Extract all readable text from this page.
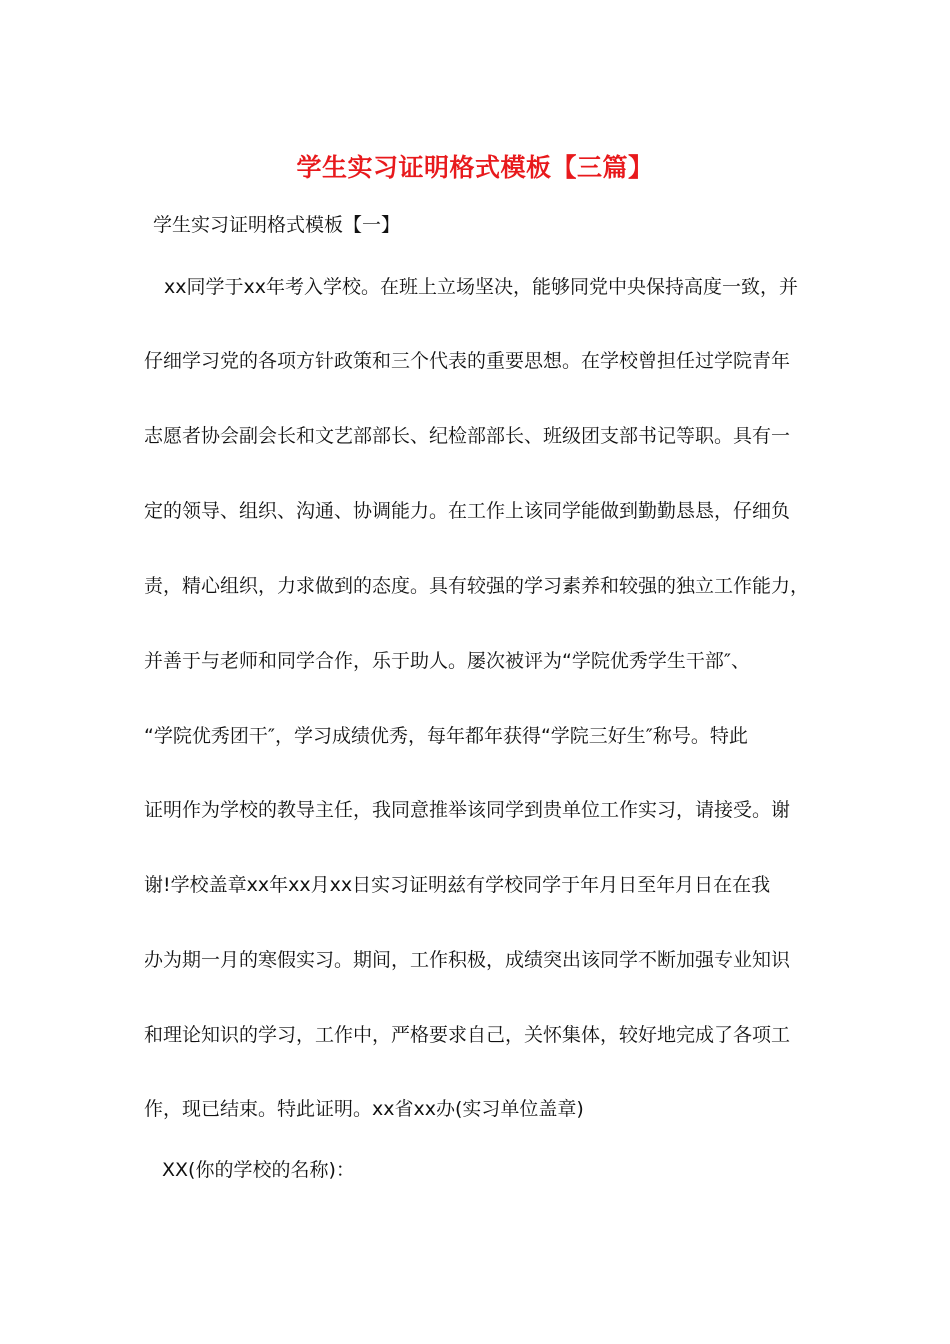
学生实习证明格式模板【三篇】
学生实习证明格式模板【一】
xx同学于xx年考入学校。在班上立场坚决，能够同党中央保持高度一致，并
仔细学习党的各项方针政策和三个代表的重要思想。在学校曾担任过学院青年
志愿者协会副会长和文艺部部长、纪检部部长、班级团支部书记等职。具有一
定的领导、组织、沟通、协调能力。在工作上该同学能做到勤勤恳恳，仔细负
责，精心组织，力求做到的态度。具有较强的学习素养和较强的独立工作能力，
并善于与老师和同学合作，乐于助人。屡次被评为“学院优秀学生干部″、
“学院优秀团干″，学习成绩优秀，每年都年获得“学院三好生″称号。特此
证明作为学校的教导主任，我同意推举该同学到贵单位工作实习，请接受。谢
谢!学校盖章xx年xx月xx日实习证明兹有学校同学于年月日至年月日在在我
办为期一月的寒假实习。期间，工作积极，成绩突出该同学不断加强专业知识
和理论知识的学习，工作中，严格要求自己，关怀集体，较好地完成了各项工
作，现已结束。特此证明。xx省xx办(实习单位盖章)
XX(你的学校的名称)：
